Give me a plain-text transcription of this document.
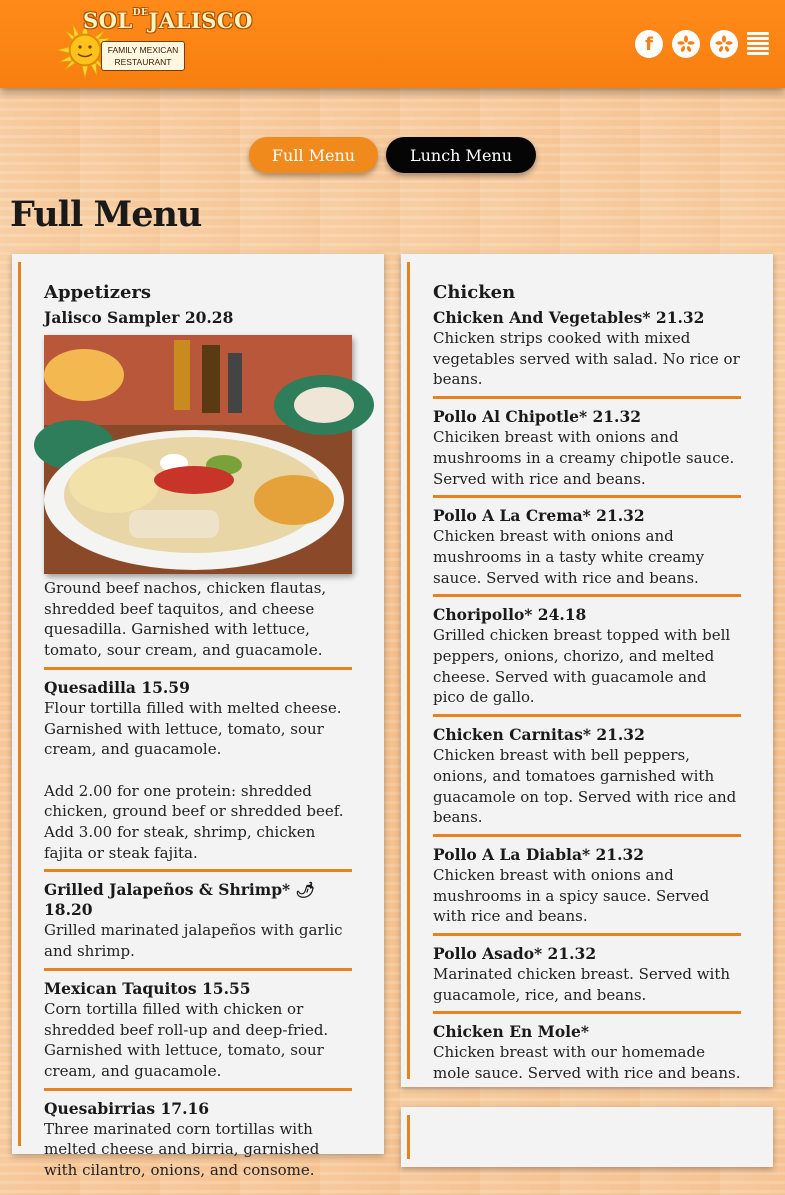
$SOL^{DE}JALISCO$
FAMILY MEXICAN
RESTAURANT
f
Full Menu	Lunch Menu
Full Menu
Appetizers
Jalisco Sampler 20.28
Ground beef nachos, chicken flautas, shredded beef taquitos, and cheese quesadilla. Garnished with lettuce, tomato, sour cream, and guacamole.
Quesadilla 15.59
Flour tortilla filled with melted cheese. Garnished with lettuce, tomato, sour cream, and guacamole.

Add 2.00 for one protein: shredded chicken, ground beef or shredded beef. Add 3.00 for steak, shrimp, chicken fajita or steak fajita.
Grilled Jalapeños & Shrimp* 🌶 18.20
Grilled marinated jalapeños with garlic and shrimp.
Mexican Taquitos 15.55
Corn tortilla filled with chicken or shredded beef roll-up and deep-fried. Garnished with lettuce, tomato, sour cream, and guacamole.
Quesabirrias 17.16
Three marinated corn tortillas with melted cheese and birria, garnished with cilantro, onions, and consome.
Chicken
Chicken And Vegetables* 21.32
Chicken strips cooked with mixed vegetables served with salad. No rice or beans.
Pollo Al Chipotle* 21.32
Chiciken breast with onions and mushrooms in a creamy chipotle sauce. Served with rice and beans.
Pollo A La Crema* 21.32
Chicken breast with onions and mushrooms in a tasty white creamy sauce. Served with rice and beans.
Choripollo* 24.18
Grilled chicken breast topped with bell peppers, onions, chorizo, and melted cheese. Served with guacamole and pico de gallo.
Chicken Carnitas* 21.32
Chicken breast with bell peppers, onions, and tomatoes garnished with guacamole on top. Served with rice and beans.
Pollo A La Diabla* 21.32
Chicken breast with onions and mushrooms in a spicy sauce. Served with rice and beans.
Pollo Asado* 21.32
Marinated chicken breast. Served with guacamole, rice, and beans.
Chicken En Mole*
Chicken breast with our homemade mole sauce. Served with rice and beans.
